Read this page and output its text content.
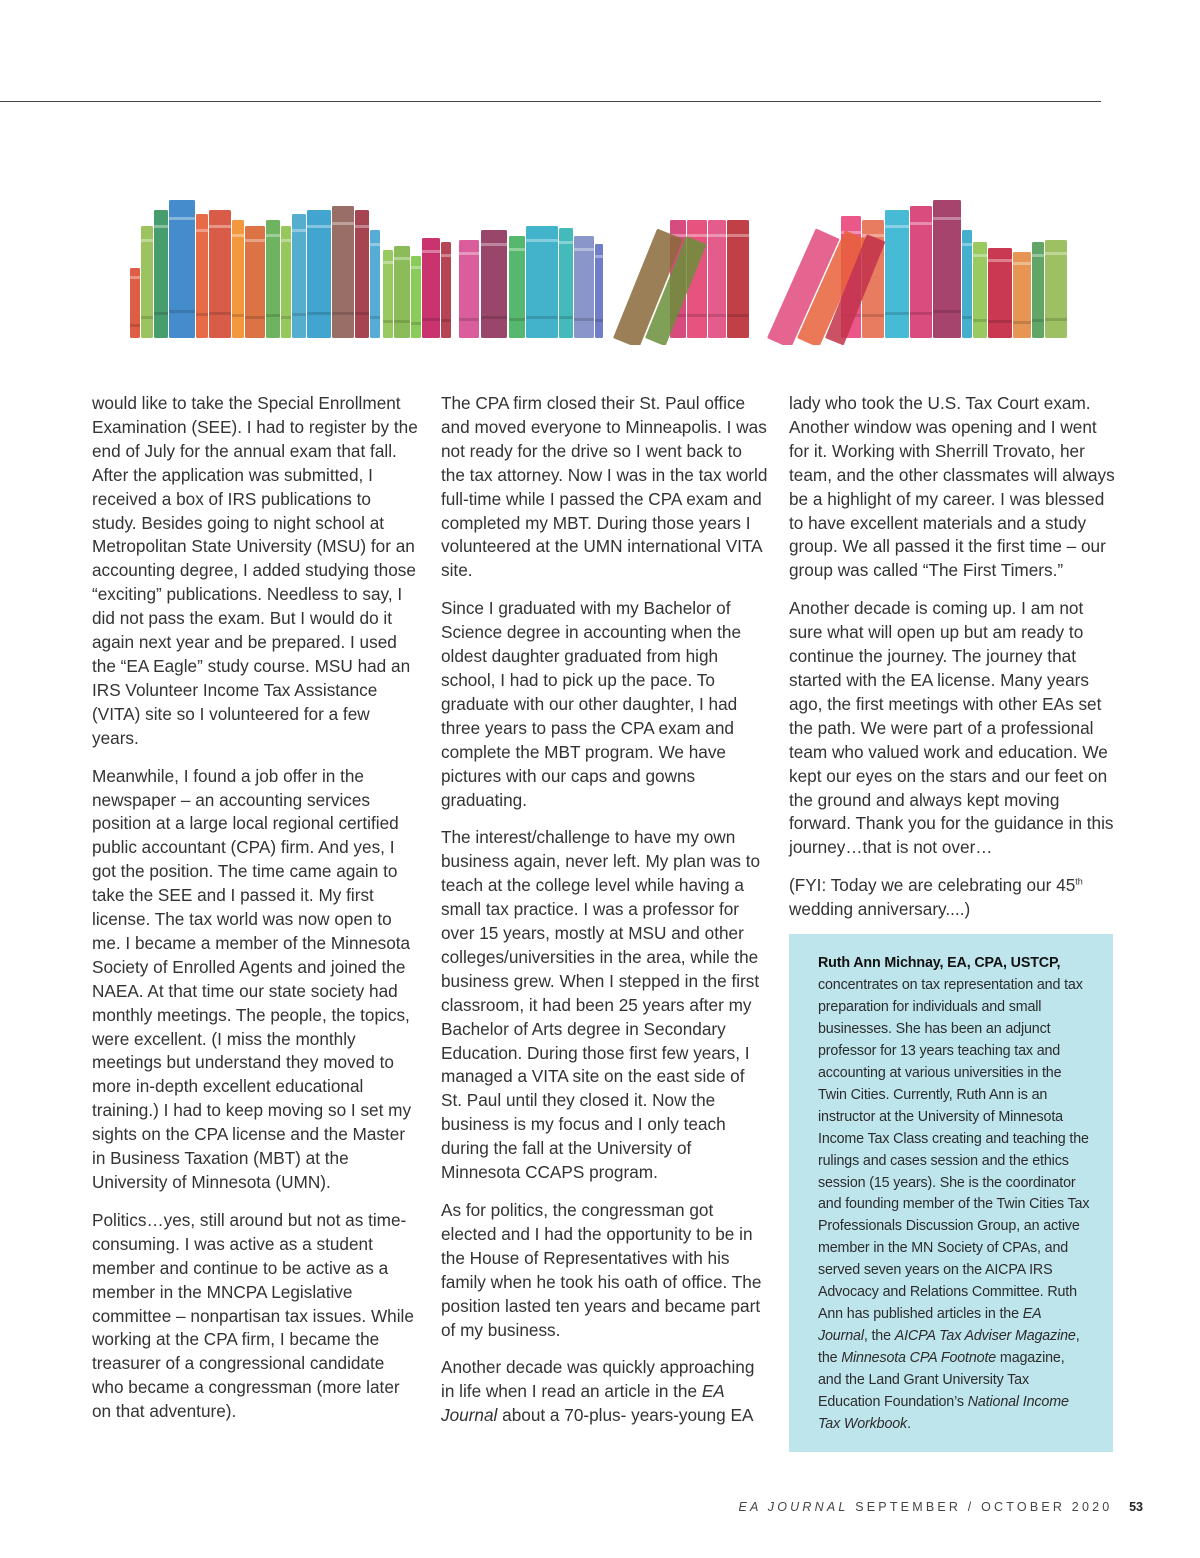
would like to take the Special Enrollment Examination (SEE). I had to register by the end of July for the annual exam that fall. After the application was submitted, I received a box of IRS publications to study. Besides going to night school at Metropolitan State University (MSU) for an accounting degree, I added studying those “exciting” publications. Needless to say, I did not pass the exam. But I would do it again next year and be prepared. I used the “EA Eagle” study course. MSU had an IRS Volunteer Income Tax Assistance (VITA) site so I volunteered for a few years.

Meanwhile, I found a job offer in the newspaper – an accounting services position at a large local regional certified public accountant (CPA) firm. And yes, I got the position. The time came again to take the SEE and I passed it. My first license. The tax world was now open to me. I became a member of the Minnesota Society of Enrolled Agents and joined the NAEA. At that time our state society had monthly meetings. The people, the topics, were excellent. (I miss the monthly meetings but understand they moved to more in-depth excellent educational training.) I had to keep moving so I set my sights on the CPA license and the Master in Business Taxation (MBT) at the University of Minnesota (UMN).

Politics…yes, still around but not as time-consuming. I was active as a student member and continue to be active as a member in the MNCPA Legislative committee – nonpartisan tax issues. While working at the CPA firm, I became the treasurer of a congressional candidate who became a congressman (more later on that adventure).

The CPA firm closed their St. Paul office and moved everyone to Minneapolis. I was not ready for the drive so I went back to the tax attorney. Now I was in the tax world full-time while I passed the CPA exam and completed my MBT. During those years I volunteered at the UMN international VITA site.

Since I graduated with my Bachelor of Science degree in accounting when the oldest daughter graduated from high school, I had to pick up the pace. To graduate with our other daughter, I had three years to pass the CPA exam and complete the MBT program. We have pictures with our caps and gowns graduating.

The interest/challenge to have my own business again, never left. My plan was to teach at the college level while having a small tax practice. I was a professor for over 15 years, mostly at MSU and other colleges/universities in the area, while the business grew. When I stepped in the first classroom, it had been 25 years after my Bachelor of Arts degree in Secondary Education. During those first few years, I managed a VITA site on the east side of St. Paul until they closed it. Now the business is my focus and I only teach during the fall at the University of Minnesota CCAPS program.

As for politics, the congressman got elected and I had the opportunity to be in the House of Representatives with his family when he took his oath of office. The position lasted ten years and became part of my business.

Another decade was quickly approaching in life when I read an article in the EA Journal about a 70-plus- years-young EA

lady who took the U.S. Tax Court exam. Another window was opening and I went for it. Working with Sherrill Trovato, her team, and the other classmates will always be a highlight of my career. I was blessed to have excellent materials and a study group. We all passed it the first time – our group was called “The First Timers.”

Another decade is coming up. I am not sure what will open up but am ready to continue the journey. The journey that started with the EA license. Many years ago, the first meetings with other EAs set the path. We were part of a professional team who valued work and education. We kept our eyes on the stars and our feet on the ground and always kept moving forward. Thank you for the guidance in this journey…that is not over…

(FYI: Today we are celebrating our 45th wedding anniversary....)

Ruth Ann Michnay, EA, CPA, USTCP, concentrates on tax representation and tax preparation for individuals and small businesses. She has been an adjunct professor for 13 years teaching tax and accounting at various universities in the Twin Cities. Currently, Ruth Ann is an instructor at the University of Minnesota Income Tax Class creating and teaching the rulings and cases session and the ethics session (15 years). She is the coordinator and founding member of the Twin Cities Tax Professionals Discussion Group, an active member in the MN Society of CPAs, and served seven years on the AICPA IRS Advocacy and Relations Committee. Ruth Ann has published articles in the EA Journal, the AICPA Tax Adviser Magazine, the Minnesota CPA Footnote magazine, and the Land Grant University Tax Education Foundation’s National Income Tax Workbook.
EA JOURNAL SEPTEMBER / OCTOBER 2020 53
